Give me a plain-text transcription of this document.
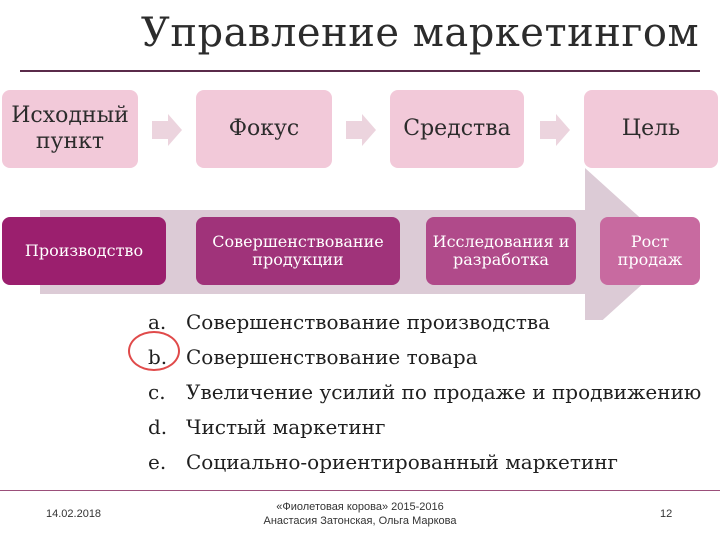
Управление маркетингом
Исходный пункт
Фокус	Средства	Цель
Производство	Совершенствование продукции
Исследования и разработка
Рост продаж
a. Совершенствование производства
b. Совершенствование товара
c.	Увеличение усилий по продаже и продвижению
d. Чистый маркетинг
e. Социально-ориентированный маркетинг
14.02.2018
«Фиолетовая корова» 2015-2016
Анастасия Затонская, Ольга Маркова
12
